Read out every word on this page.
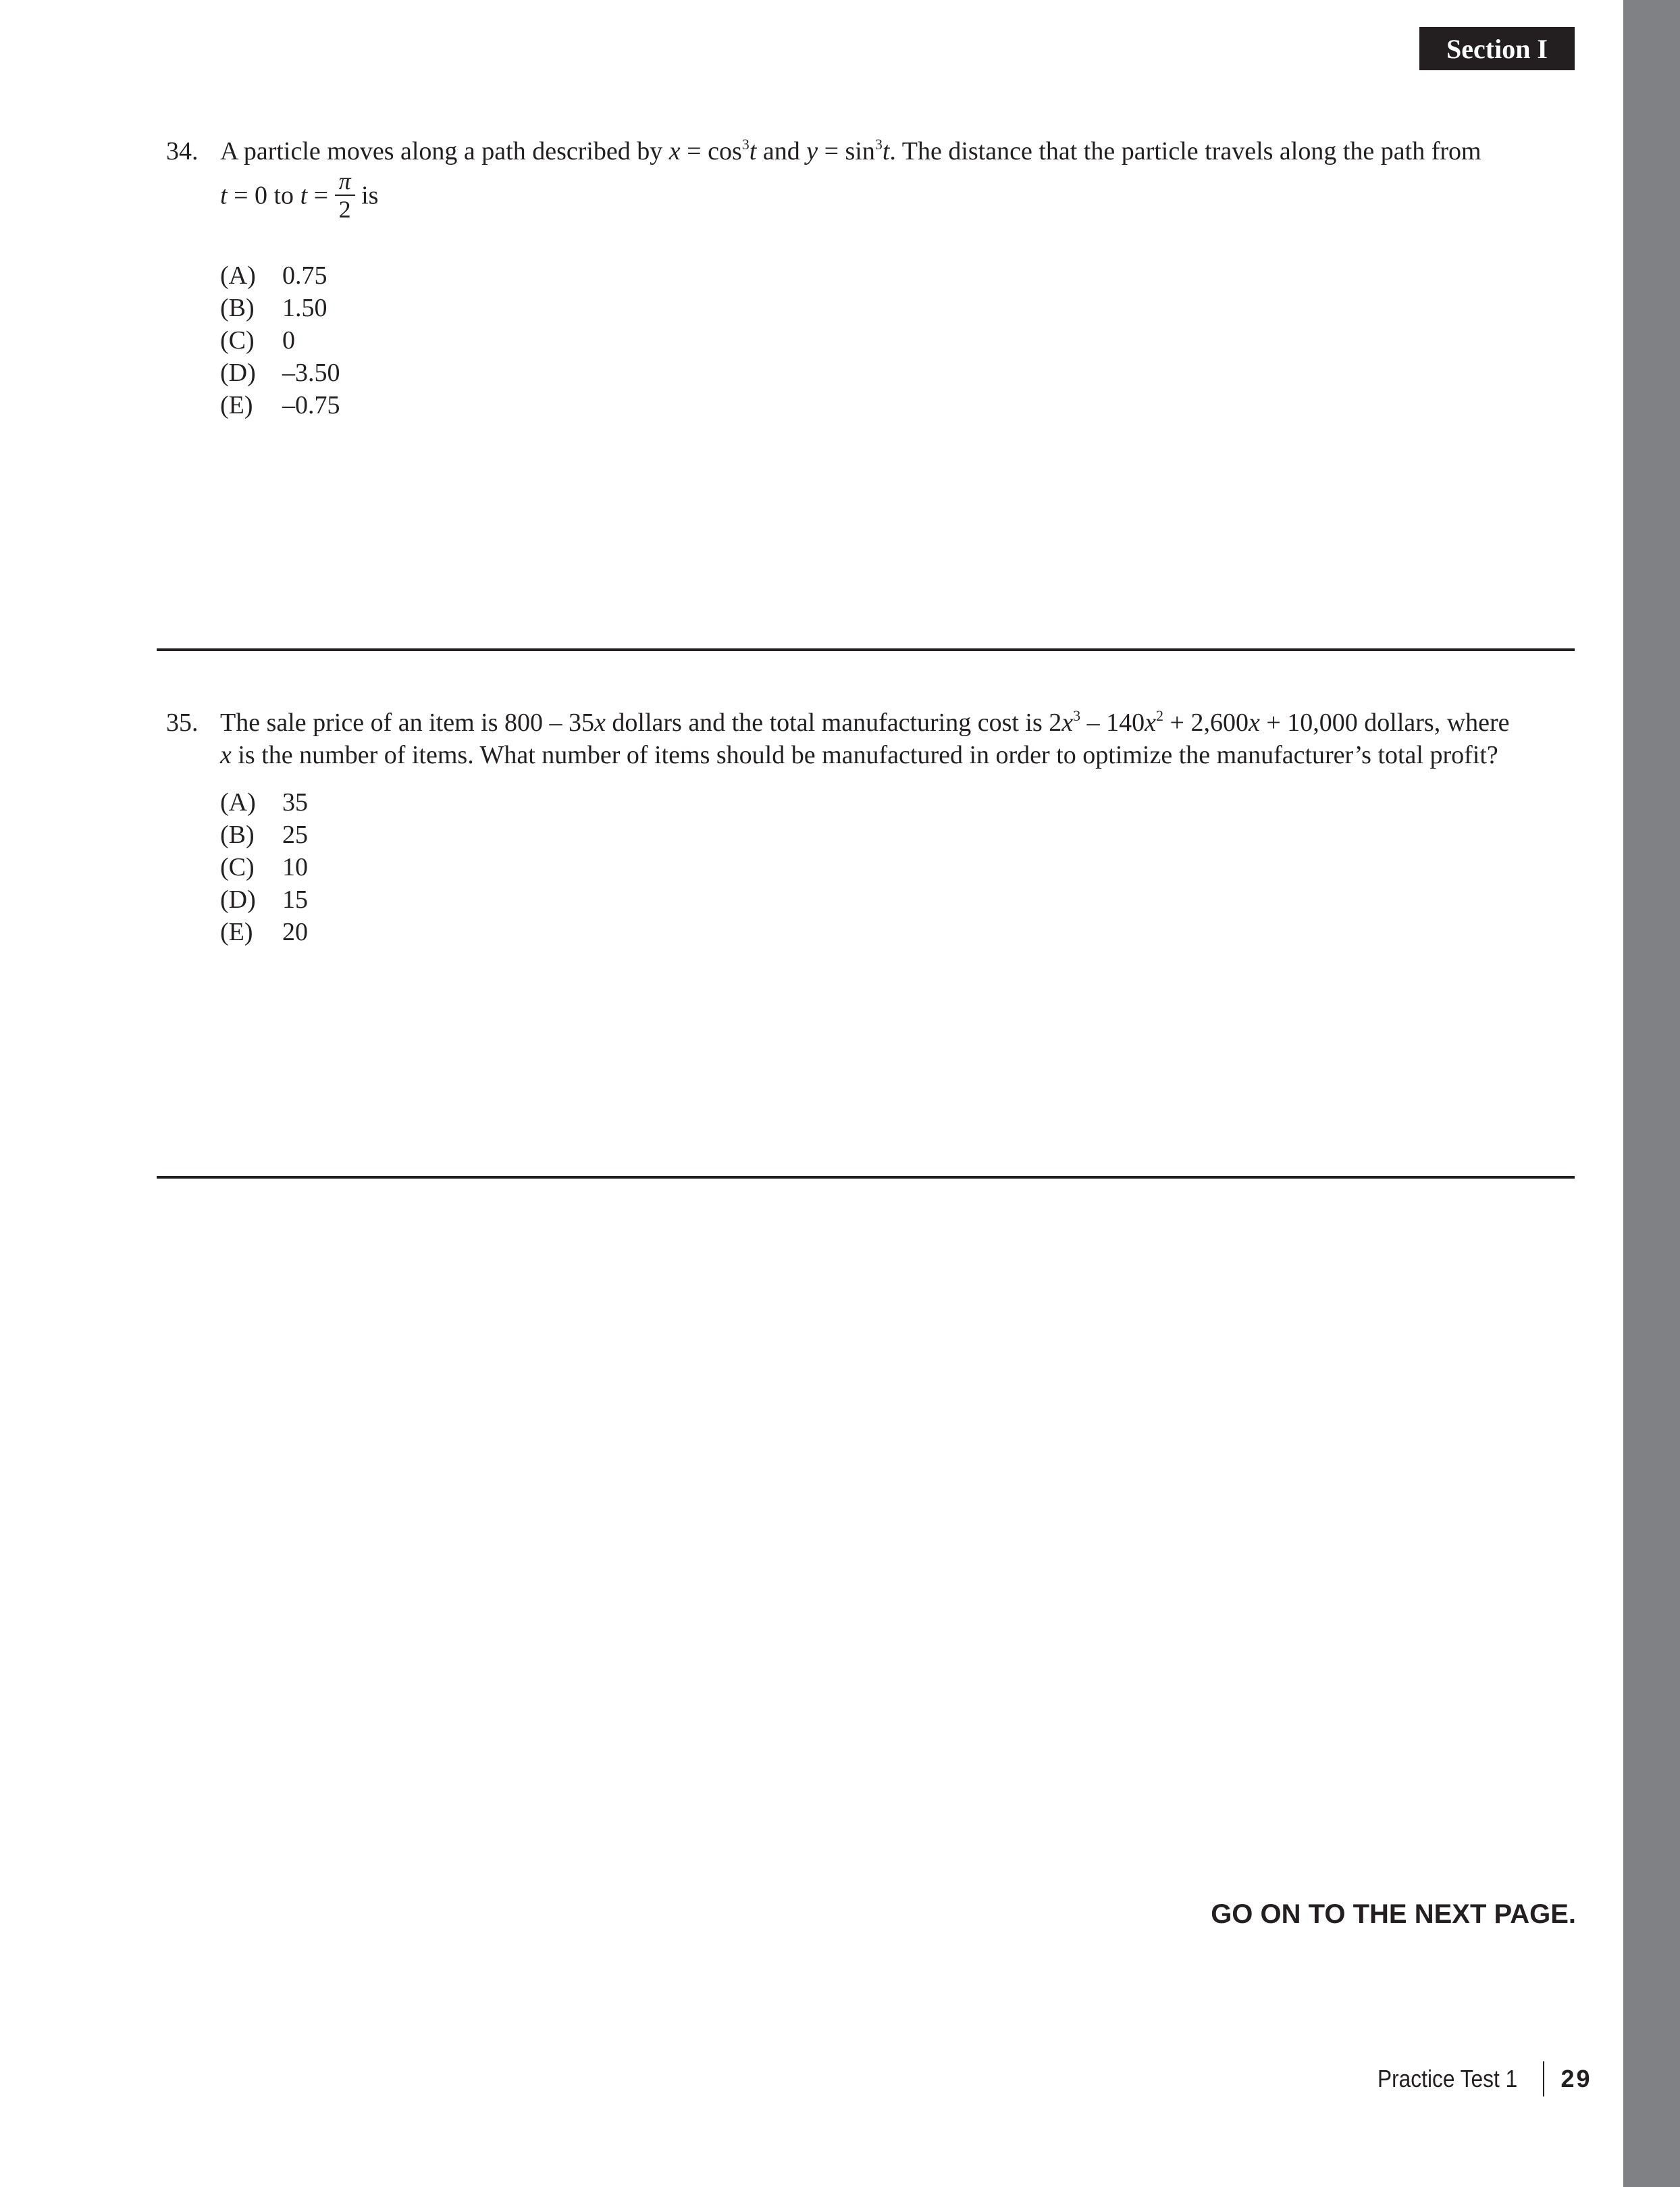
Section I
34. A particle moves along a path described by $x = \cos^3t$ and $y = \sin^3t$. The distance that the particle travels along the path from
t = 0 to $t = \frac{\pi}{2}$ is
(A)	0.75
(B)	1.50
(C)	0
(D)	–3.50
(E)	–0.75
35. The sale price of an item is 800 – 35x dollars and the total manufacturing cost is $2x^3 - 140x^2 + 2,600x + 10,000$ dollars, where
x is the number of items. What number of items should be manufactured in order to optimize the manufacturer’s total profit?
(A)	35
(B)	25
(C)	10
(D)	15
(E)	20
GO ON TO THE NEXT PAGE.
Practice Test 1 29
